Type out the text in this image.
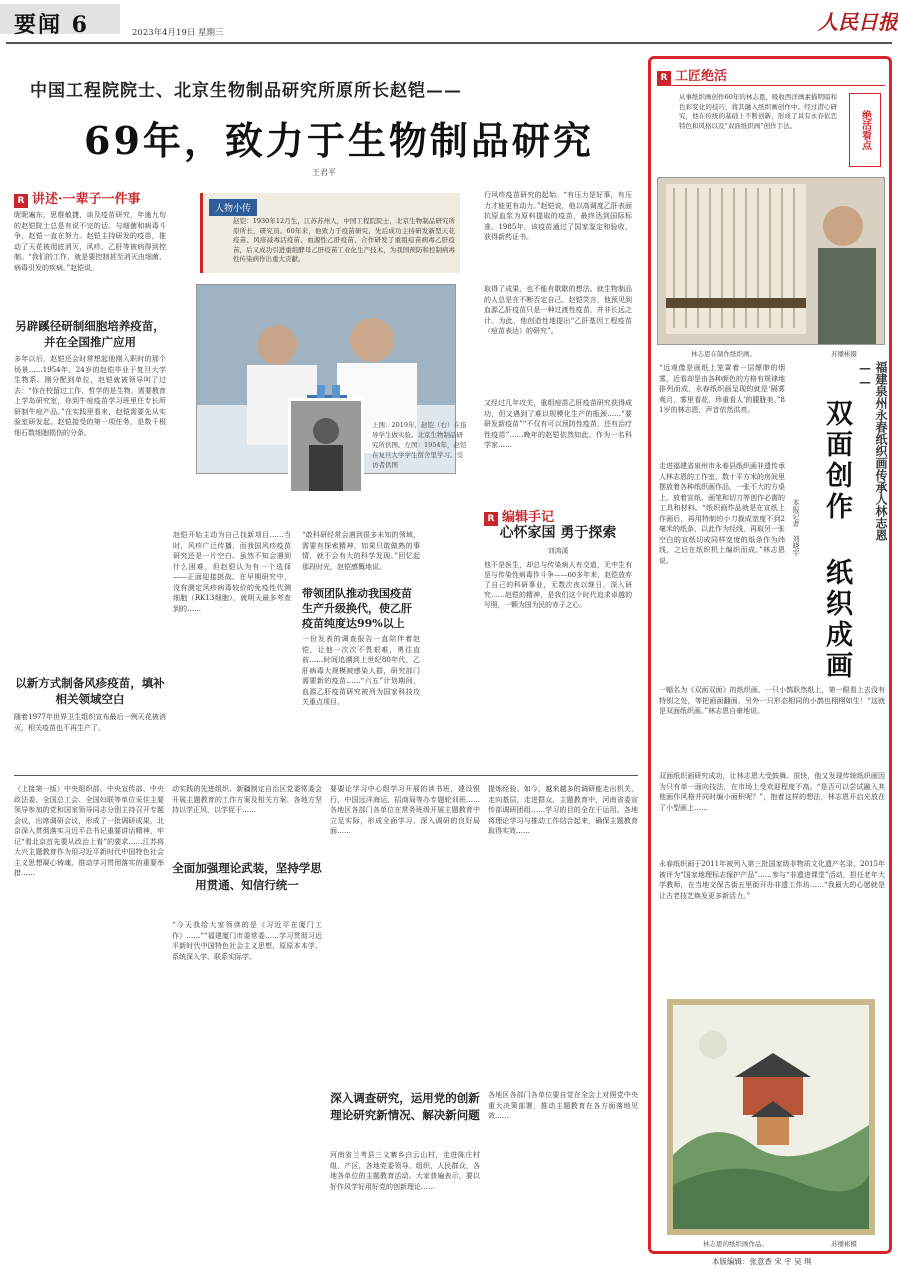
要闻 6	2023年4月19日 星期三	人民日报
中国工程院院士、北京生物制品研究所原所长赵铠——
69年，致力于生物制品研究
王君平
R 讲述·一辈子一件事
昵昵遍东，思维敏捷，谈及疫苗研究，年逾九旬的赵铠院士总是有说不完的话。与细菌和病毒斗争，赵铠一直在努力。赵铠主持研发的疫苗，推动了天花被彻底消灭，风疹、乙肝等被病得到控制。“我们的工作，就是要控制甚至消灭由细菌、病毒引发的疾病。”赵铠说。
另辟蹊径研制细胞培养疫苗，并在全国推广应用
多年以后，赵铠还会时常想起他刚入职时的那个场景……1954年，24岁的赵铠毕业于复旦大学生物系。刚分配到单位，赵铠就被领导叫了过去：“你在校留过工作，哲学的是生物，需要教育上学岛研究室，你到牛痘疫苗学习班里任专长所研制牛痘产品。”在实践里看来，赵铠需要先从实验室研发起。赵铠接受的第一项任务，是数千根细石数细胞损伤的分条。
以新方式制备风疹疫苗，填补相关领域空白
随着1977年世界卫生组织宣布最后一例天花被消灭，相关疫苗也不再生产了。
人物小传
赵铠：1930年12月生，江苏苏州人，中国工程院院士，北京生物制品研究所原所长，研究员。60年来，他致力于疫苗研究，先后成功主持研发新型天花疫苗、风疹减毒活疫苗、血源性乙肝疫苗、合作研发了重组痘苗病毒乙肝疫苗，后又成功引进重组酵母乙肝疫苗工业化生产技术，为我国预防和控制病毒性传染病作出重大贡献。
上图：2019年，赵铠（右）在指导学生做实验。北京生物制品研究所供图。左图：1954年，赵铠在复旦大学学生宿舍里学习。受访者供图
赵铠开始主动为自己找新项目……当时，风疹广泛传播，而我国风疹疫苗研究还是一片空白。虽然不知会遇到什么困难，但赵铠认为有一个选择——正面迎接挑战。在早期研究中，没有测定风疹病毒较价的免疫性代测细胞（RK13细胞），就明天最多考查到的……
“敢科研经常会遇到很多未知的领域，需要有探索精神，如果只敢做熟的事情，就不会有大的科学发现。”回忆起那段时光，赵铠感慨地说。
带领团队推动我国疫苗生产升级换代，使乙肝疫苗纯度达99%以上
一份发表的调查报告一直陪伴着赵铠，让他一次次不畏艰难，勇往直前……时间追溯到上世纪80年代，乙肝病毒大规模被感染人群，研究部门需要新的疫苗……“六五”计划期间，血源乙肝疫苗研究被列为国家科技攻关重点项目。
行风疹疫苗研究的起始。“有压力是好事，有压力才能更有动力。”赵铠说，他以高调度乙肝表面抗原血浆为原料提取的疫苗，最终达到国际标准。1985年，该疫苗通过了国家鉴定和验收，获得新药证书。
取得了成果，也不能有歇歇的想法。就生物制品的人总是在不断否定自己。赵铠笑言，他预见到血源乙肝疫苗只是一种过渡性疫苗，并非长远之计。为此，他创造性地提出“乙肝基因工程疫苗（痘苗表达）的研究”。
又经过几年攻关，重组痘苗乙肝疫苗研究获得成功，但又遇到了难以规模化生产的瓶颈……“要研发新疫苗”“不仅有可以预防性疫苗，还有治疗性疫苗”……晚年的赵铠依然如此，作为一名科学家……
R 编辑手记
心怀家国 勇于探索
刘鸿溪
他不是医生，却总与传染病人有交道，无中生有是与传染性病毒作斗争——60多年来，赵铠放弃了自己的科研事业，无数次夜以继日，深入研究……赵铠的精神，是我们这个时代追求卓越的写照，一颗为国为民的赤子之心。
（上接第一版）中央组织部、中央宣传部、中央政法委、全国总工会、全国妇联等单位采住主要领导参加的党和国家领导同志分别主持召开专题会议，出席调研会议，形成了一批调研成果。北京深入贯彻落实习近平总书记重要讲话精神，牢记“看北京首先要从政治上看”的要求……江苏将大兴主题教育作为用习近平新时代中国特色社会主义思想凝心铸魂、推动学习贯彻落实的重要举措……
动实践的先进组织、新疆制定自治区党委常委会开展主题教育的工作方案及相关方案、各地方坚持以学正风，以学促干……
全面加强理论武装，坚持学思用贯通、知信行统一
“今天我给大家领读的是《习近平在厦门工作》……”“福建厦门市委常委……学习贯彻习近平新时代中国特色社会主义思想，原原本本学、系统深入学、联系实际学。
要要论学习中心组学习开展的读书班，建设银行、中国远洋海运、招商局等办专题轮训班……各地区各部门各单位在常务班级开展主题教育中立足实际，形成全面学习、深入调研的良好局面……
深入调查研究，运用党的创新理论研究新情况、解决新问题
河南省兰考县三义寨乡白云山村，走进陈庄村组，产区，各地党委领导、组织，人民群众，各地各单位的主题教育活动。大家普遍表示，要以好作风学好用好党的创新理论……
提炼经验。如今，越来越多的调研能走出机关，走向基层，走进群众，主题教育中，河南省委宣传部调研团组……学习的目的全在于运用。各地将理论学习与推动工作结合起来，确保主题教育取得实效……
各地区各部门各单位要自觉在全会上对照党中央重大决策部署，推动主题教育在各方面落地见效……
R 工匠绝活
从事纸织画创作60年的林志恩，吸收西洋画素描明暗和色彩变化的技巧，将其融入纸织画创作中。经过潜心研究，他在传统的基础上不断创新，形成了具有永春依恋特色和风格以及“双面纸织画”创作手法。	绝活看点
林志恩在制作纸织画。	苏播彬摄
福建泉州永春纸织画传承人林志恩——
双面创作 纸织成画
本报记者 刘晓宇
“远观像是画纸上笼罩着一层缥缈的烟雾，近看却是由各种颜色的方格有规律地排列而成，永春纸织画呈现的就是‘隔雾观月，雾里看花，珍重看人’的朦胧美。”81岁的林志恩，声音依然洪亮。
走进福建省泉州市永春县纸织画非遗传承人林志恩的工作室，数十平方米的房间里摆放着各种纸织画作品，一张不大的方桌上，放着宣纸、画笔和切刀等创作必需的工具和材料。“纸织画作品就是在宣纸上作画后，再用特制的小刀裁成宽度不到2毫米的纸条，以此作为经线，再取另一张空白的宣纸切成同样宽度的纸条作为纬线，之后在纸织机上编织而成。”林志恩说。
一幅名为《双面双面》的纸织画，一只小鹊跃然纸上，第一眼看上去没有特别之处，等把画面翻面，另外一只形态相同的小鹊也栩栩如生！“这就是双面纸织画。”林志恩自豪地说。
双面纸织画研究成功，让林志恩大受鼓舞。很快，他又发现传统纸织画因为只有单一面向技法，在市场上受欢迎程度不高。“是否可以尝试融入其他画作风格并同时编小面积呢？”，抱着这样的想法，林志恩开启光放在了小型画上……
永春纸织画于2011年被列入第三批国家级非物质文化遗产名录，2015年被评为“国家地理标志保护产品”……参与“非遗进课堂”活动，担任老年大学教师，在当地文保古街五里街开办非遗工作坊……“我最大的心愿就是让古老技艺焕发更多新活力。”
林志恩的纸织画作品。	苏播彬摄
本版编辑：张意香 宋 宇 吴 琪
